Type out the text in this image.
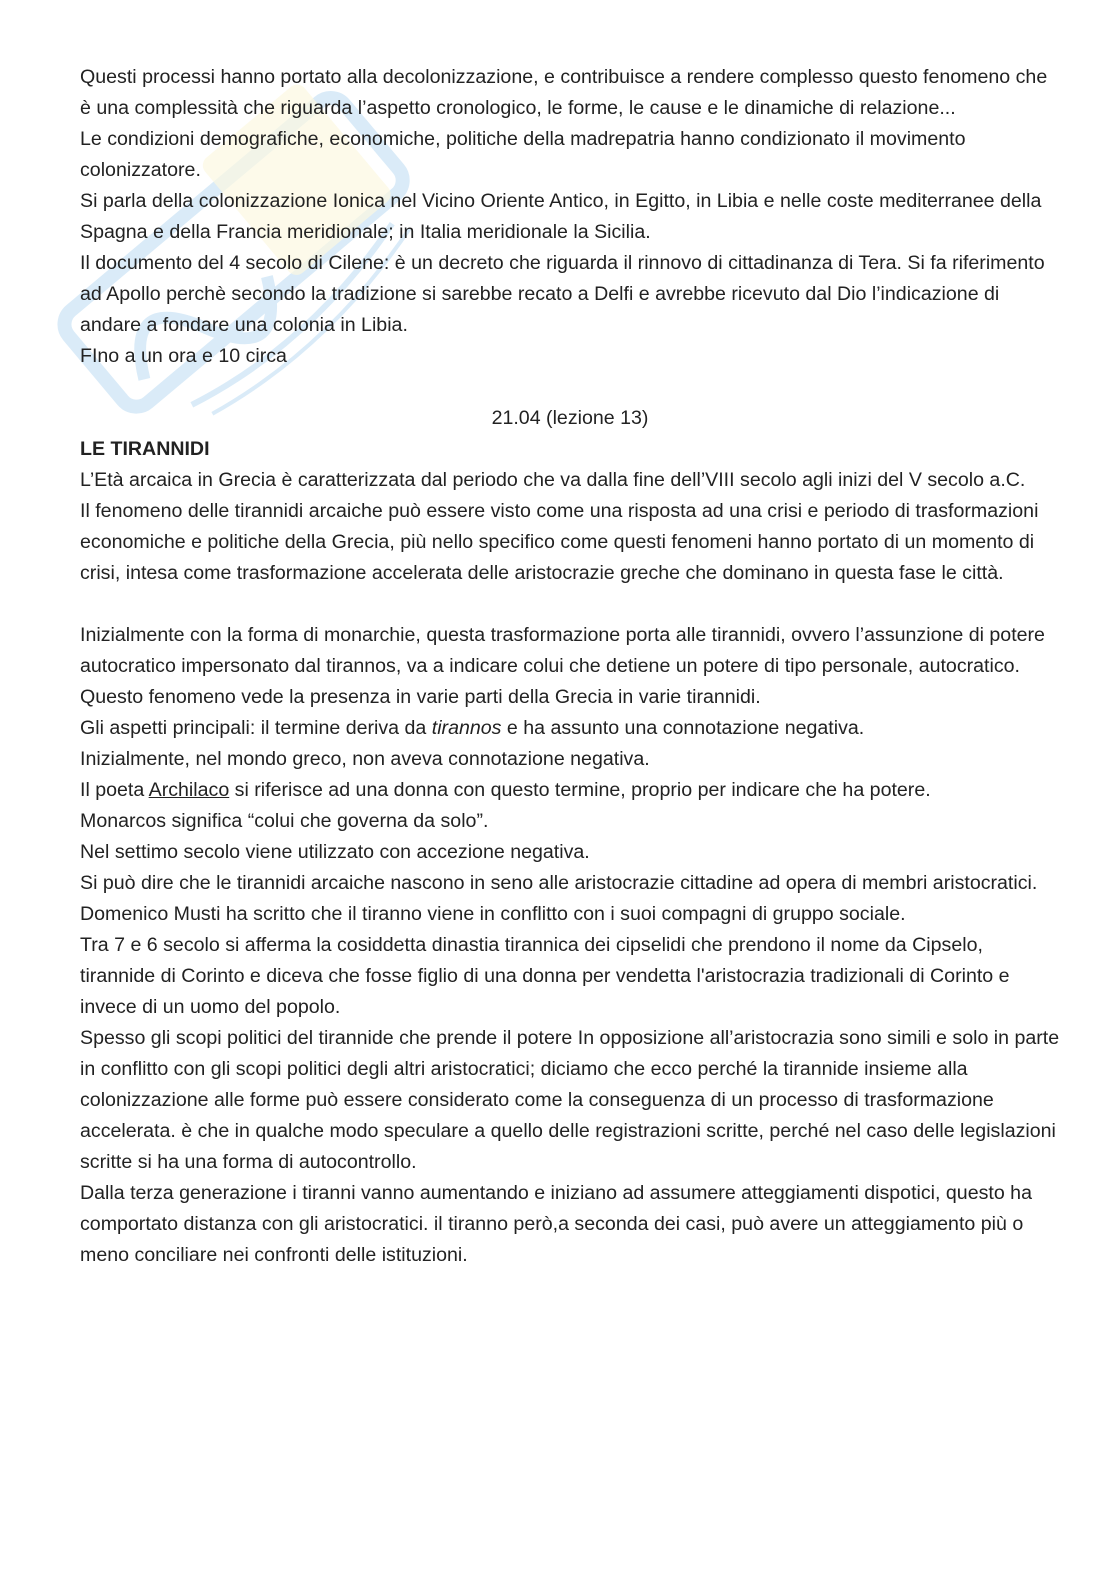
Questi processi hanno portato alla decolonizzazione, e contribuisce a rendere complesso questo fenomeno che è una complessità che riguarda l’aspetto cronologico, le forme, le cause e le dinamiche di relazione...

Le condizioni demografiche, economiche, politiche della madrepatria hanno condizionato il movimento colonizzatore.

Si parla della colonizzazione Ionica nel Vicino Oriente Antico, in Egitto, in Libia e nelle coste mediterranee della Spagna e della Francia meridionale; in Italia meridionale la Sicilia.

Il documento del 4 secolo di Cilene: è un decreto che riguarda il rinnovo di cittadinanza di Tera. Si fa riferimento ad Apollo perchè secondo la tradizione si sarebbe recato a Delfi e avrebbe ricevuto dal Dio l’indicazione di andare a fondare una colonia in Libia.

FIno a un ora e 10 circa

21.04 (lezione 13)

LE TIRANNIDI

L’Età arcaica in Grecia è caratterizzata dal periodo che va dalla fine dell’VIII secolo agli inizi del V secolo a.C.

Il fenomeno delle tirannidi arcaiche può essere visto come una risposta ad una crisi e periodo di trasformazioni economiche e politiche della Grecia, più nello specifico come questi fenomeni hanno portato di un momento di crisi, intesa come trasformazione accelerata delle aristocrazie greche che dominano in questa fase le città.

Inizialmente con la forma di monarchie, questa trasformazione porta alle tirannidi, ovvero l’assunzione di potere autocratico impersonato dal tirannos, va a indicare colui che detiene un potere di tipo personale, autocratico. Questo fenomeno vede la presenza in varie parti della Grecia in varie tirannidi.

Gli aspetti principali: il termine deriva da tirannos e ha assunto una connotazione negativa.

Inizialmente, nel mondo greco, non aveva connotazione negativa.

Il poeta Archilaco si riferisce ad una donna con questo termine, proprio per indicare che ha potere.

Monarcos significa “colui che governa da solo”.

Nel settimo secolo viene utilizzato con accezione negativa.

Si può dire che le tirannidi arcaiche nascono in seno alle aristocrazie cittadine ad opera di membri aristocratici.

Domenico Musti ha scritto che il tiranno viene in conflitto con i suoi compagni di gruppo sociale.

Tra 7 e 6 secolo si afferma la cosiddetta dinastia tirannica dei cipselidi che prendono il nome da Cipselo, tirannide di Corinto e diceva che fosse figlio di una donna per vendetta l'aristocrazia tradizionali di Corinto e invece di un uomo del popolo.

Spesso gli scopi politici del tirannide che prende il potere In opposizione all’aristocrazia sono simili e solo in parte in conflitto con gli scopi politici degli altri aristocratici; diciamo che ecco perché la tirannide insieme alla colonizzazione alle forme può essere considerato come la conseguenza di un processo di trasformazione accelerata. è che in qualche modo speculare a quello delle registrazioni scritte, perché nel caso delle legislazioni scritte si ha una forma di autocontrollo.

Dalla terza generazione i tiranni vanno aumentando e iniziano ad assumere atteggiamenti dispotici, questo ha comportato distanza con gli aristocratici. il tiranno però,a seconda dei casi, può avere un atteggiamento più o meno conciliare nei confronti delle istituzioni.
